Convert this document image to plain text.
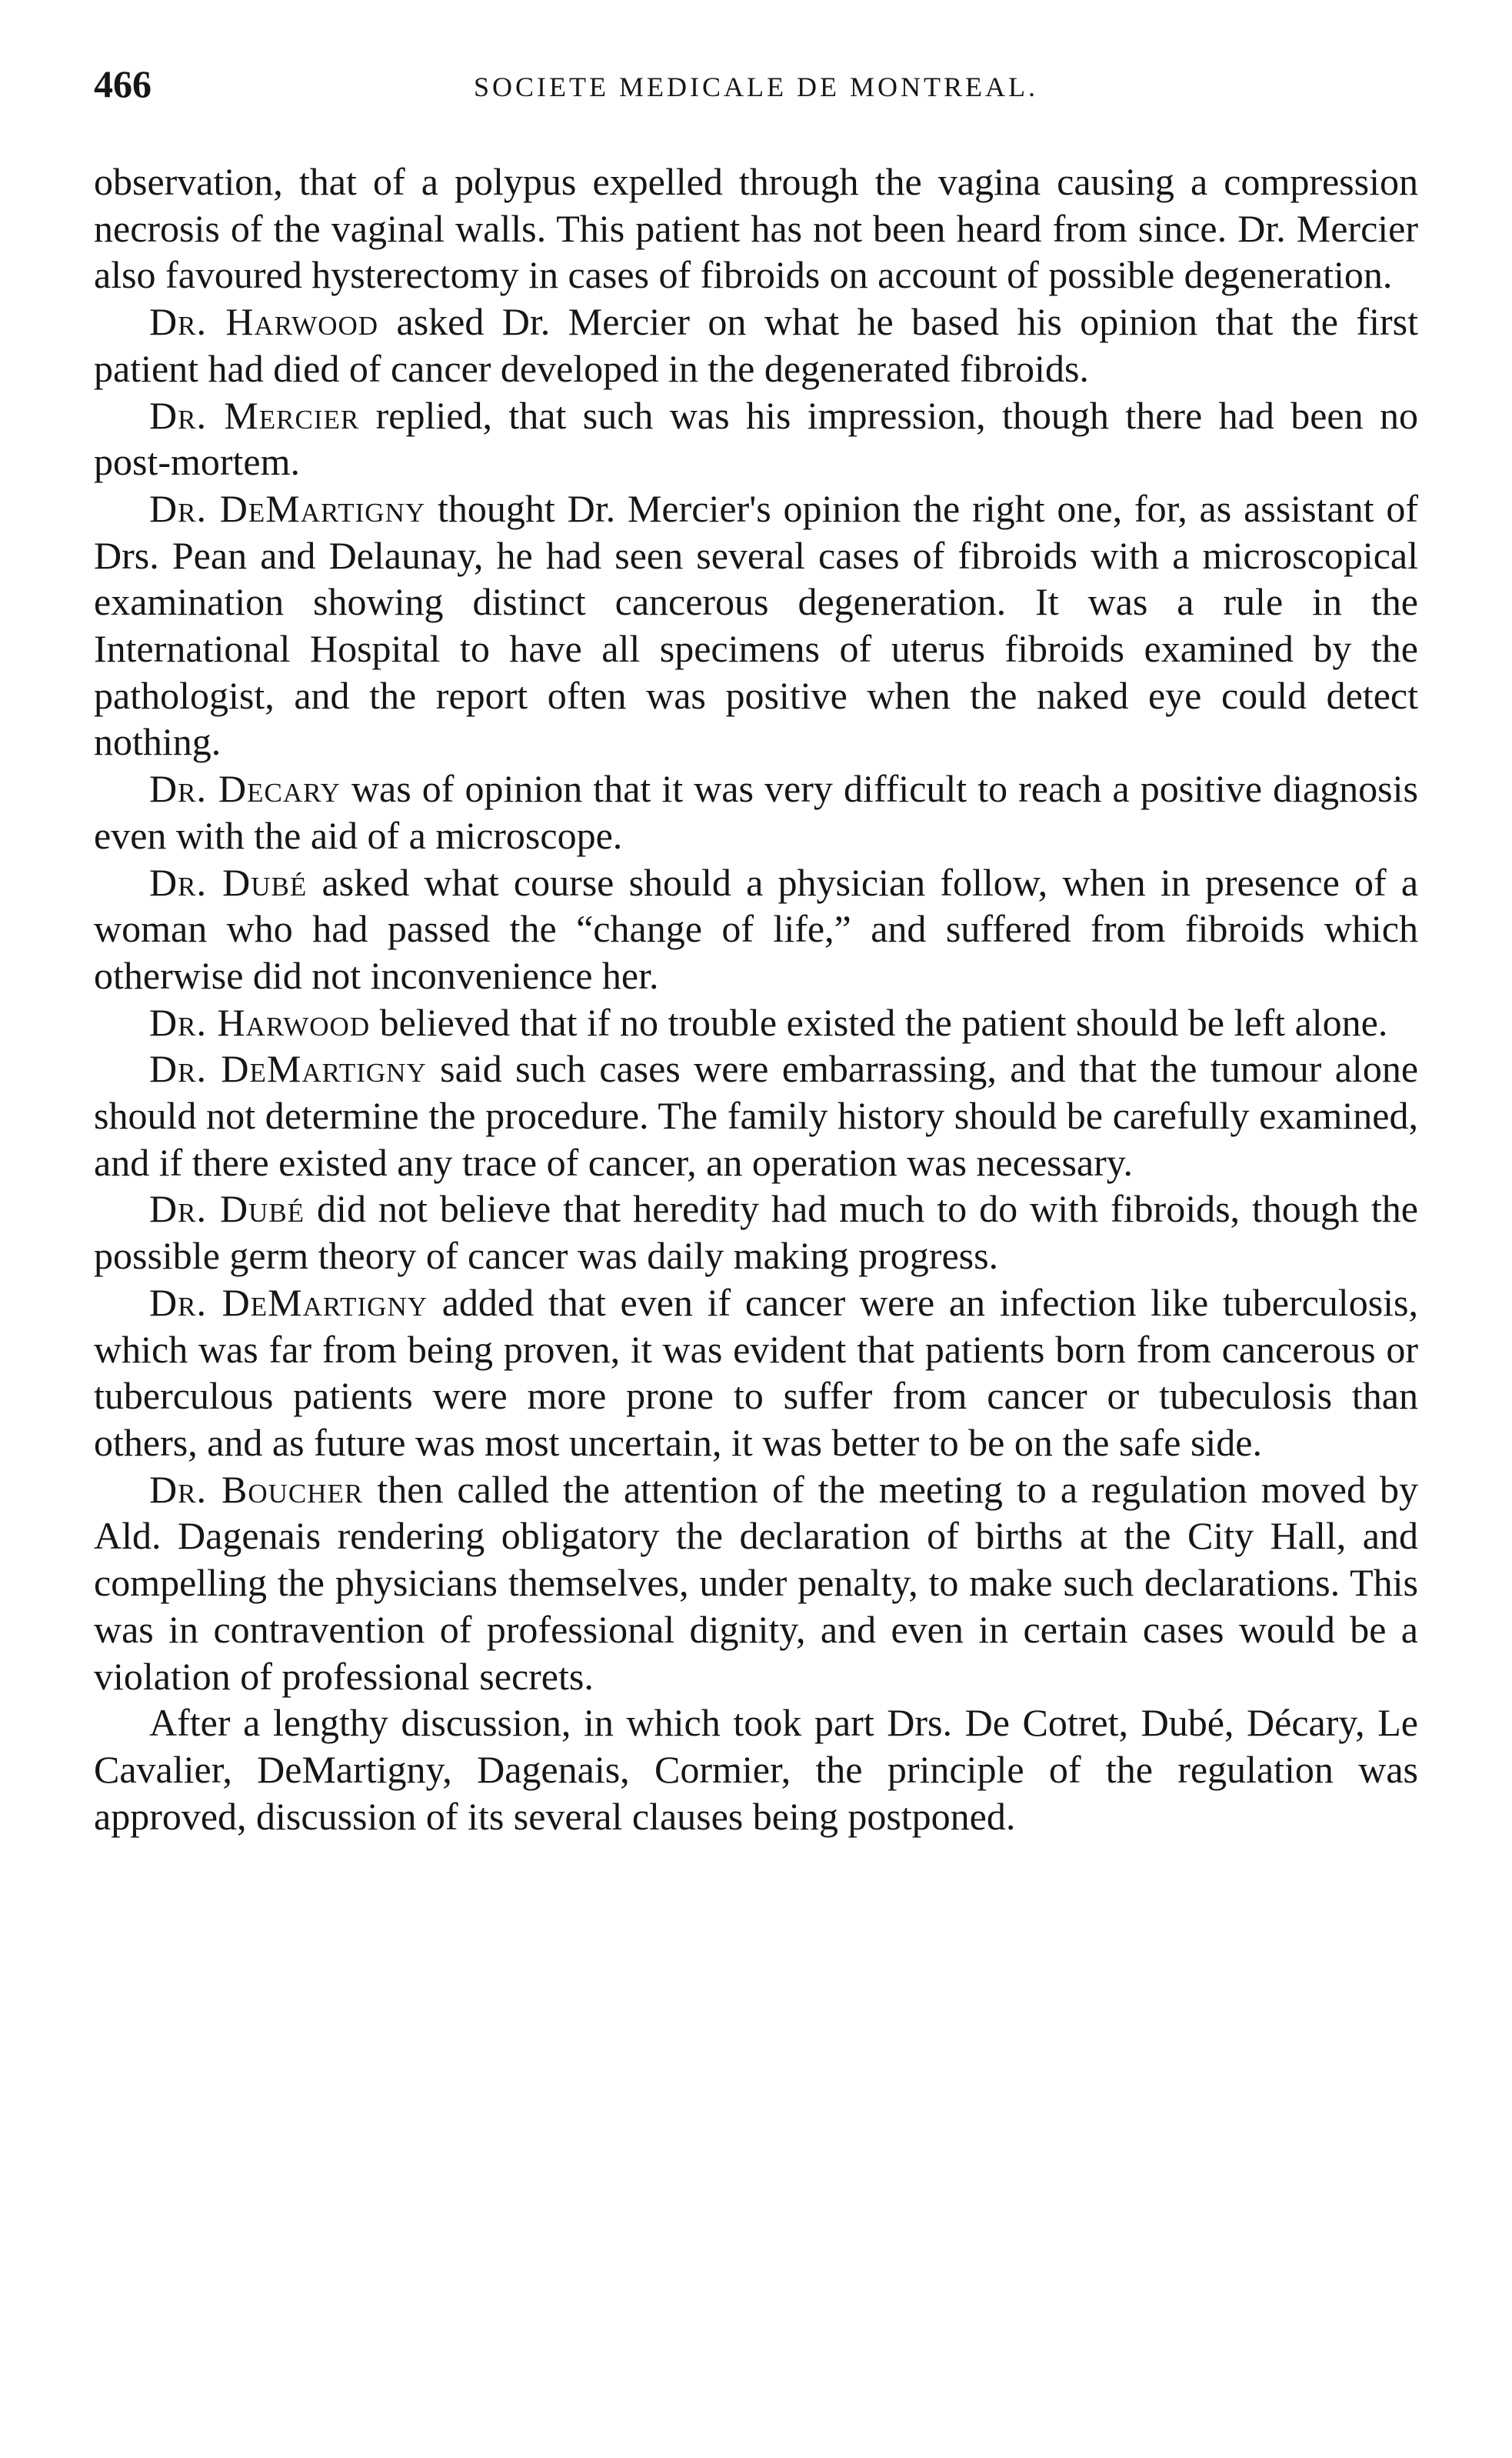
466	SOCIETE MEDICALE DE MONTREAL.

observation, that of a polypus expelled through the vagina causing a compression necrosis of the vaginal walls. This patient has not been heard from since. Dr. Mercier also favoured hysterectomy in cases of fibroids on account of possible degeneration.

Dr. Harwood asked Dr. Mercier on what he based his opinion that the first patient had died of cancer developed in the degenerated fibroids.

Dr. Mercier replied, that such was his impression, though there had been no post-mortem.

Dr. DeMartigny thought Dr. Mercier's opinion the right one, for, as assistant of Drs. Pean and Delaunay, he had seen several cases of fibroids with a microscopical examination showing distinct cancerous degeneration. It was a rule in the International Hospital to have all specimens of uterus fibroids examined by the pathologist, and the report often was positive when the naked eye could detect nothing.

Dr. Decary was of opinion that it was very difficult to reach a positive diagnosis even with the aid of a microscope.

Dr. Dubé asked what course should a physician follow, when in presence of a woman who had passed the “change of life,” and suffered from fibroids which otherwise did not inconvenience her.

Dr. Harwood believed that if no trouble existed the patient should be left alone.

Dr. DeMartigny said such cases were embarrassing, and that the tumour alone should not determine the procedure. The family history should be carefully examined, and if there existed any trace of cancer, an operation was necessary.

Dr. Dubé did not believe that heredity had much to do with fibroids, though the possible germ theory of cancer was daily making progress.

Dr. DeMartigny added that even if cancer were an infection like tuberculosis, which was far from being proven, it was evident that patients born from cancerous or tuberculous patients were more prone to suffer from cancer or tubeculosis than others, and as future was most uncertain, it was better to be on the safe side.

Dr. Boucher then called the attention of the meeting to a regulation moved by Ald. Dagenais rendering obligatory the declaration of births at the City Hall, and compelling the physicians themselves, under penalty, to make such declarations. This was in contravention of professional dignity, and even in certain cases would be a violation of professional secrets.

After a lengthy discussion, in which took part Drs. De Cotret, Dubé, Décary, Le Cavalier, DeMartigny, Dagenais, Cormier, the principle of the regulation was approved, discussion of its several clauses being postponed.
